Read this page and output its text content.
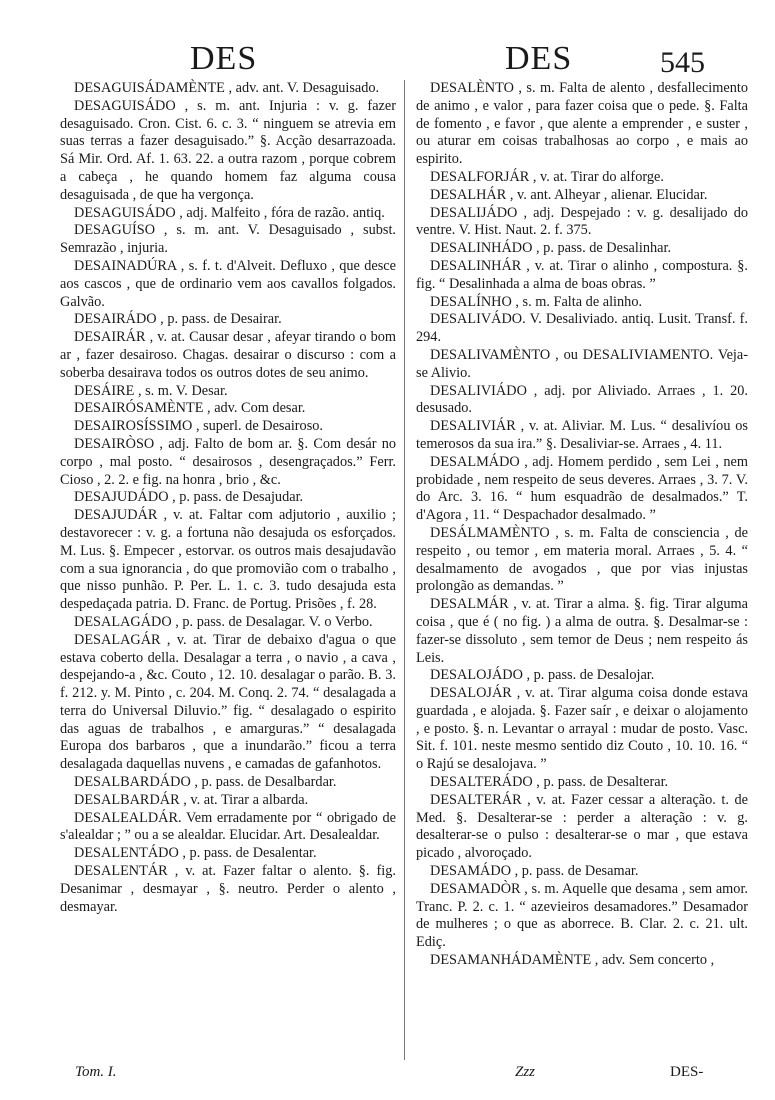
DES	DES	545

DESAGUISÁDAMÈNTE , adv. ant. V. Desaguisado.

DESAGUISÁDO , s. m. ant. Injuria : v. g. fazer desaguisado. Cron. Cist. 6. c. 3. “ ninguem se atrevia em suas terras a fazer desaguisado.” §. Acção desarrazoada. Sá Mir. Ord. Af. 1. 63. 22. a outra razom , porque cobrem a cabeça , he quando homem faz alguma cousa desaguisada , de que ha vergonça.

DESAGUISÁDO , adj. Malfeito , fóra de razão. antiq.

DESAGUÍSO , s. m. ant. V. Desaguisado , subst. Semrazão , injuria.

DESAINADÚRA , s. f. t. d'Alveit. Defluxo , que desce aos cascos , que de ordinario vem aos cavallos folgados. Galvão.

DESAIRÁDO , p. pass. de Desairar.

DESAIRÁR , v. at. Causar desar , afeyar tirando o bom ar , fazer desairoso. Chagas. desairar o discurso : com a soberba desairava todos os outros dotes de seu animo.

DESÁIRE , s. m. V. Desar.

DESAIRÓSAMÈNTE , adv. Com desar.

DESAIROSÍSSIMO , superl. de Desairoso.

DESAIRÒSO , adj. Falto de bom ar. §. Com desár no corpo , mal posto. “ desairosos , desengraçados.” Ferr. Cioso , 2. 2. e fig. na honra , brio , &c.

DESAJUDÁDO , p. pass. de Desajudar.

DESAJUDÁR , v. at. Faltar com adjutorio , auxilio ; destavorecer : v. g. a fortuna não desajuda os esforçados. M. Lus. §. Empecer , estorvar. os outros mais desajudavão com a sua ignorancia , do que promovião com o trabalho , que nisso punhão. P. Per. L. 1. c. 3. tudo desajuda esta despedaçada patria. D. Franc. de Portug. Prisões , f. 28.

DESALAGÁDO , p. pass. de Desalagar. V. o Verbo.

DESALAGÁR , v. at. Tirar de debaixo d'agua o que estava coberto della. Desalagar a terra , o navio , a cava , despejando-a , &c. Couto , 12. 10. desalagar o parão. B. 3. f. 212. y. M. Pinto , c. 204. M. Conq. 2. 74. “ desalagada a terra do Universal Diluvio.” fig. “ desalagado o espirito das aguas de trabalhos , e amarguras.” “ desalagada Europa dos barbaros , que a inundarão.” ficou a terra desalagada daquellas nuvens , e camadas de gafanhotos.

DESALBARDÁDO , p. pass. de Desalbardar.

DESALBARDÁR , v. at. Tirar a albarda.

DESALEALDÁR. Vem erradamente por “ obrigado de s'alealdar ; ” ou a se alealdar. Elucidar. Art. Desalealdar.

DESALENTÁDO , p. pass. de Desalentar.

DESALENTÁR , v. at. Fazer faltar o alento. §. fig. Desanimar , desmayar , §. neutro. Perder o alento , desmayar.

DESALÈNTO , s. m. Falta de alento , desfallecimento de animo , e valor , para fazer coisa que o pede. §. Falta de fomento , e favor , que alente a emprender , e suster , ou aturar em coisas trabalhosas ao corpo , e mais ao espirito.

DESALFORJÁR , v. at. Tirar do alforge.

DESALHÁR , v. ant. Alheyar , alienar. Elucidar.

DESALIJÁDO , adj. Despejado : v. g. desalijado do ventre. V. Hist. Naut. 2. f. 375.

DESALINHÁDO , p. pass. de Desalinhar.

DESALINHÁR , v. at. Tirar o alinho , compostura. §. fig. “ Desalinhada a alma de boas obras. ”

DESALÍNHO , s. m. Falta de alinho.

DESALIVÁDO. V. Desaliviado. antiq. Lusit. Transf. f. 294.

DESALIVAMÈNTO , ou DESALIVIAMENTO. Veja-se Alivio.

DESALIVIÁDO , adj. por Aliviado. Arraes , 1. 20. desusado.

DESALIVIÁR , v. at. Aliviar. M. Lus. “ desalivíou os temerosos da sua ira.” §. Desaliviar-se. Arraes , 4. 11.

DESALMÁDO , adj. Homem perdido , sem Lei , nem probidade , nem respeito de seus deveres. Arraes , 3. 7. V. do Arc. 3. 16. “ hum esquadrão de desalmados.” T. d'Agora , 11. “ Despachador desalmado. ”

DESÁLMAMÈNTO , s. m. Falta de consciencia , de respeito , ou temor , em materia moral. Arraes , 5. 4. “ desalmamento de avogados , que por vias injustas prolongão as demandas. ”

DESALMÁR , v. at. Tirar a alma. §. fig. Tirar alguma coisa , que é ( no fig. ) a alma de outra. §. Desalmar-se : fazer-se dissoluto , sem temor de Deus ; nem respeito ás Leis.

DESALOJÁDO , p. pass. de Desalojar.

DESALOJÁR , v. at. Tirar alguma coisa donde estava guardada , e alojada. §. Fazer saír , e deixar o alojamento , e posto. §. n. Levantar o arrayal : mudar de posto. Vasc. Sit. f. 101. neste mesmo sentido diz Couto , 10. 10. 16. “ o Rajú se desalojava. ”

DESALTERÁDO , p. pass. de Desalterar.

DESALTERÁR , v. at. Fazer cessar a alteração. t. de Med. §. Desalterar-se : perder a alteração : v. g. desalterar-se o pulso : desalterar-se o mar , que estava picado , alvoroçado.

DESAMÁDO , p. pass. de Desamar.

DESAMADÒR , s. m. Aquelle que desama , sem amor. Tranc. P. 2. c. 1. “ azevieiros desamadores.” Desamador de mulheres ; o que as aborrece. B. Clar. 2. c. 21. ult. Ediç.

DESAMANHÁDAMÈNTE , adv. Sem concerto ,

Tom. I.	Zzz	DES-
